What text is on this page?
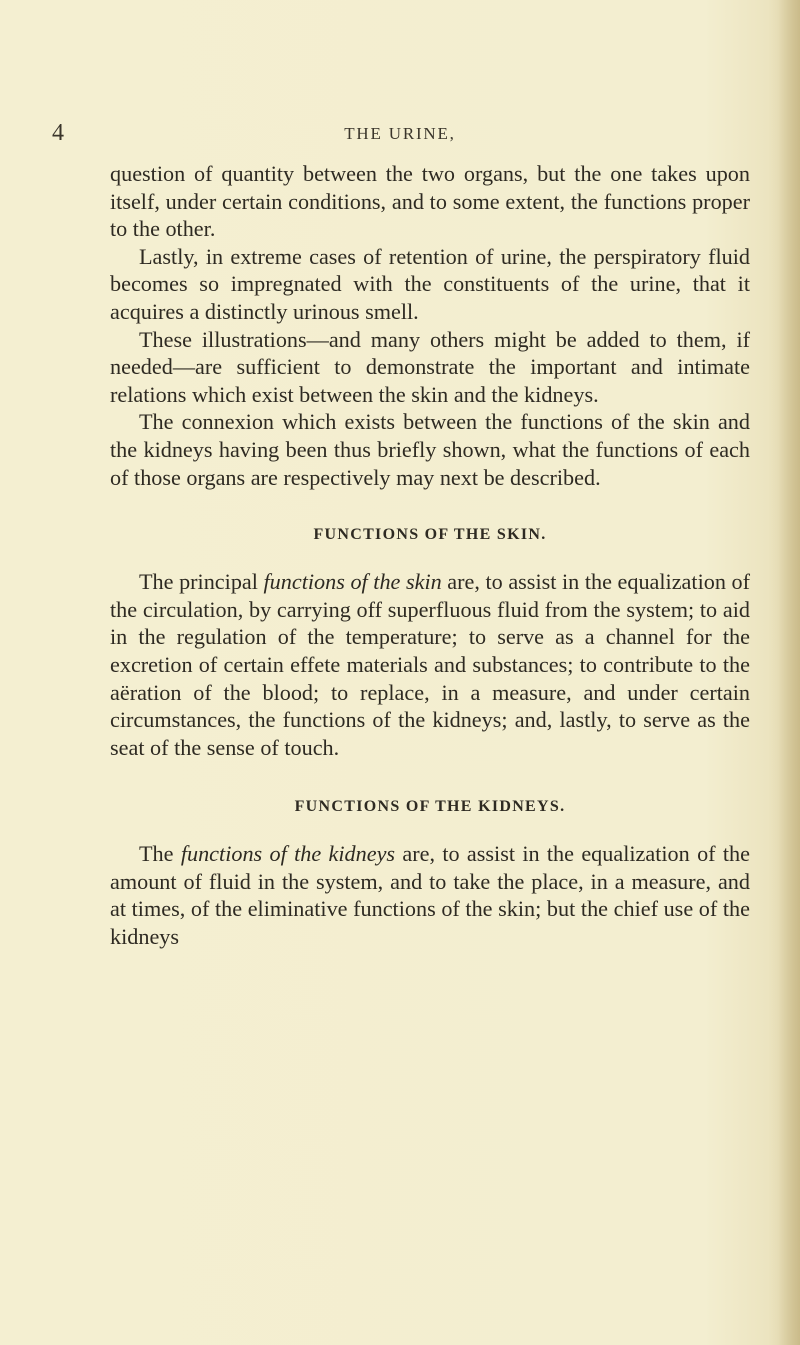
4	THE URINE,

question of quantity between the two organs, but the one takes upon itself, under certain conditions, and to some extent, the functions proper to the other.

Lastly, in extreme cases of retention of urine, the perspiratory fluid becomes so impregnated with the constituents of the urine, that it acquires a distinctly urinous smell.

These illustrations—and many others might be added to them, if needed—are sufficient to demonstrate the important and intimate relations which exist between the skin and the kidneys.

The connexion which exists between the functions of the skin and the kidneys having been thus briefly shown, what the functions of each of those organs are respectively may next be described.

FUNCTIONS OF THE SKIN.

The principal functions of the skin are, to assist in the equalization of the circulation, by carrying off superfluous fluid from the system; to aid in the regulation of the temperature; to serve as a channel for the excretion of certain effete materials and substances; to contribute to the aëration of the blood; to replace, in a measure, and under certain circumstances, the functions of the kidneys; and, lastly, to serve as the seat of the sense of touch.

FUNCTIONS OF THE KIDNEYS.

The functions of the kidneys are, to assist in the equalization of the amount of fluid in the system, and to take the place, in a measure, and at times, of the eliminative functions of the skin; but the chief use of the kidneys
